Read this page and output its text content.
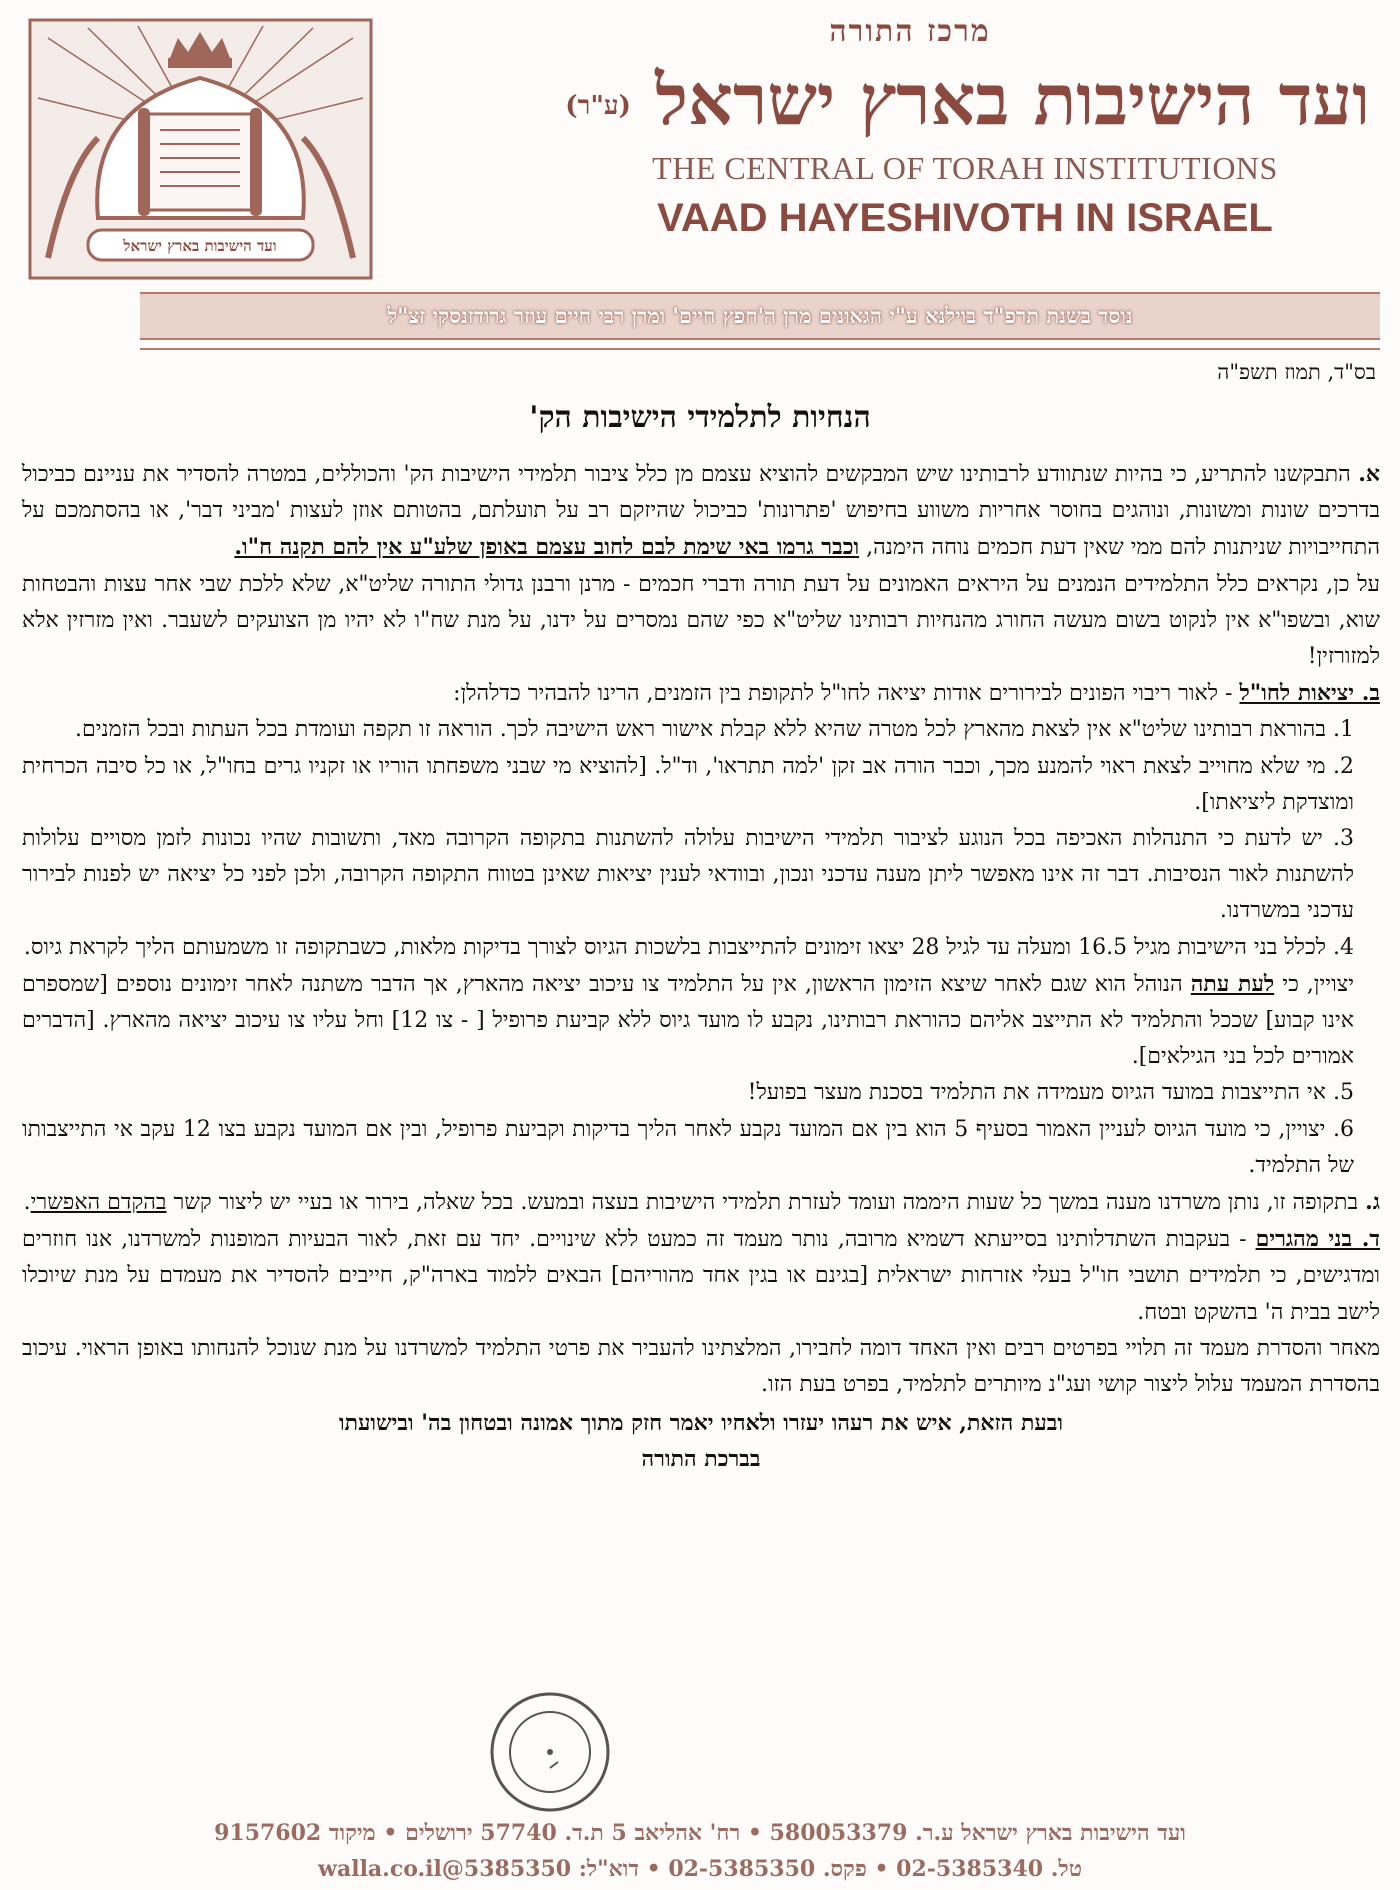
ועד הישיבות בארץ ישראל
מרכז התורה
ועד הישיבות בארץ ישראל (ע"ר)
THE CENTRAL OF TORAH INSTITUTIONS
VAAD HAYESHIVOTH IN ISRAEL
נוסד בשנת תרפ"ד בוילנא ע"י הגאונים מרן ה'חפץ חיים' ומרן רבי חיים עוזר גרודזנסקי זצ"ל
בס"ד, תמוז תשפ"ה
הנחיות לתלמידי הישיבות הק'

א. התבקשנו להתריע, כי בהיות שנתוודע לרבותינו שיש המבקשים להוציא עצמם מן כלל ציבור תלמידי הישיבות הק' והכוללים, במטרה להסדיר את עניינם כביכול בדרכים שונות ומשונות, ונוהגים בחוסר אחריות משווע בחיפוש 'פתרונות' כביכול שהיזקם רב על תועלתם, בהטותם אוזן לעצות 'מביני דבר', או בהסתמכם על התחייבויות שניתנות להם ממי שאין דעת חכמים נוחה הימנה, וכבר גרמו באי שימת לבם לחוב עצמם באופן שלע"ע אין להם תקנה ח"ו.

על כן, נקראים כלל התלמידים הנמנים על היראים האמונים על דעת תורה ודברי חכמים - מרנן ורבנן גדולי התורה שליט"א, שלא ללכת שבי אחר עצות והבטחות שוא, ובשפו"א אין לנקוט בשום מעשה החורג מהנחיות רבותינו שליט"א כפי שהם נמסרים על ידנו, על מנת שח"ו לא יהיו מן הצועקים לשעבר. ואין מזרזין אלא למזורזין!

ב. יציאות לחו"ל - לאור ריבוי הפונים לבירורים אודות יציאה לחו"ל לתקופת בין הזמנים, הרינו להבהיר כדלהלן:

1. בהוראת רבותינו שליט"א אין לצאת מהארץ לכל מטרה שהיא ללא קבלת אישור ראש הישיבה לכך. הוראה זו תקפה ועומדת בכל העתות ובכל הזמנים.

2. מי שלא מחוייב לצאת ראוי להמנע מכך, וכבר הורה אב זקן 'למה תתראו', וד"ל. [להוציא מי שבני משפחתו הוריו או זקניו גרים בחו"ל, או כל סיבה הכרחית ומוצדקת ליציאתו].

3. יש לדעת כי התנהלות האכיפה בכל הנוגע לציבור תלמידי הישיבות עלולה להשתנות בתקופה הקרובה מאד, ותשובות שהיו נכונות לזמן מסויים עלולות להשתנות לאור הנסיבות. דבר זה אינו מאפשר ליתן מענה עדכני ונכון, ובוודאי לענין יציאות שאינן בטווח התקופה הקרובה, ולכן לפני כל יציאה יש לפנות לבירור עדכני במשרדנו.

4. לכלל בני הישיבות מגיל 16.5 ומעלה עד לגיל 28 יצאו זימונים להתייצבות בלשכות הגיוס לצורך בדיקות מלאות, כשבתקופה זו משמעותם הליך לקראת גיוס.

יצויין, כי לעת עתה הנוהל הוא שגם לאחר שיצא הזימון הראשון, אין על התלמיד צו עיכוב יציאה מהארץ, אך הדבר משתנה לאחר זימונים נוספים [שמספרם אינו קבוע] שככל והתלמיד לא התייצב אליהם כהוראת רבותינו, נקבע לו מועד גיוס ללא קביעת פרופיל [ - צו 12] וחל עליו צו עיכוב יציאה מהארץ. [הדברים אמורים לכל בני הגילאים].

5. אי התייצבות במועד הגיוס מעמידה את התלמיד בסכנת מעצר בפועל!

6. יצויין, כי מועד הגיוס לעניין האמור בסעיף 5 הוא בין אם המועד נקבע לאחר הליך בדיקות וקביעת פרופיל, ובין אם המועד נקבע בצו 12 עקב אי התייצבותו של התלמיד.

ג. בתקופה זו, נותן משרדנו מענה במשך כל שעות היממה ועומד לעזרת תלמידי הישיבות בעצה ובמעש. בכל שאלה, בירור או בעיי יש ליצור קשר בהקדם האפשרי.

ד. בני מהגרים - בעקבות השתדלותינו בסייעתא דשמיא מרובה, נותר מעמד זה כמעט ללא שינויים. יחד עם זאת, לאור הבעיות המופנות למשרדנו, אנו חוזרים ומדגישים, כי תלמידים תושבי חו"ל בעלי אזרחות ישראלית [בגינם או בגין אחד מהוריהם] הבאים ללמוד בארה"ק, חייבים להסדיר את מעמדם על מנת שיוכלו לישב בבית ה' בהשקט ובטח.

מאחר והסדרת מעמד זה תלויי בפרטים רבים ואין האחד דומה לחבירו, המלצתינו להעביר את פרטי התלמיד למשרדנו על מנת שנוכל להנחותו באופן הראוי. עיכוב בהסדרת המעמד עלול ליצור קושי ועג"נ מיותרים לתלמיד, בפרט בעת הזו.

ובעת הזאת, איש את רעהו יעזרו ולאחיו יאמר חזק מתוך אמונה ובטחון בה' ובישועתו
בברכת התורה
ועד הישיבות בארץ ישראל ע.ר. 580053379 • רח' אהליאב 5 ת.ד. 57740 ירושלים • מיקוד 9157602
טל. 02-5385340 • פקס. 02-5385350 • דוא"ל: 5385350@walla.co.il
